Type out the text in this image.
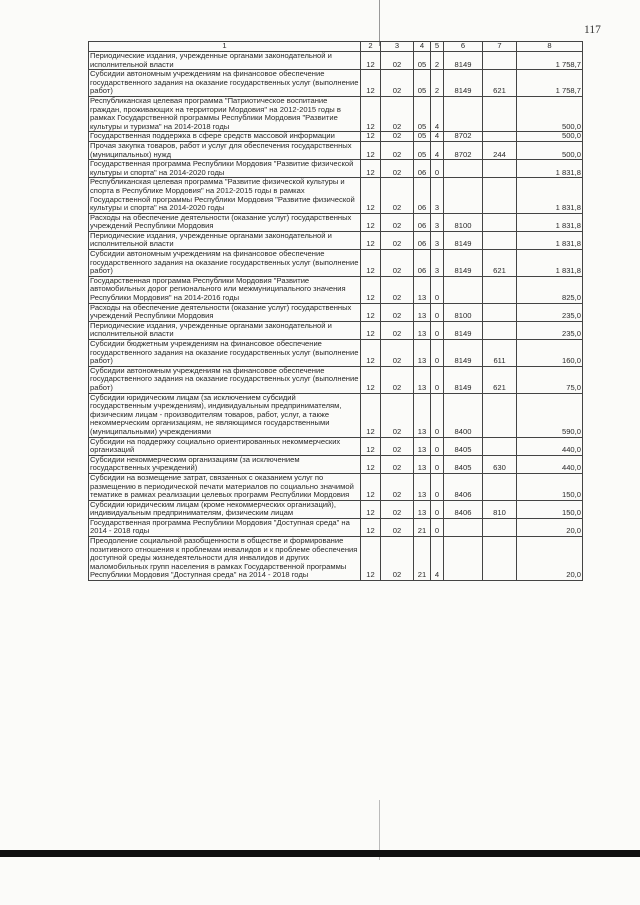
117
1	2	3	4	5	6	7	8
Периодические издания, учрежденные органами законодательной и исполнительной власти	12	02	05	2	8149		1 758,7
Субсидии автономным учреждениям на финансовое обеспечение государственного задания на оказание государственных услуг (выполнение работ)	12	02	05	2	8149	621	1 758,7
Республиканская целевая программа "Патриотическое воспитание граждан, проживающих на территории Мордовия" на 2012-2015 годы в рамках Государственной программы Республики Мордовия "Развитие культуры и туризма" на 2014-2018 годы	12	02	05	4			500,0
Государственная поддержка в сфере средств массовой информации	12	02	05	4	8702		500,0
Прочая закупка товаров, работ и услуг для обеспечения государственных (муниципальных) нужд	12	02	05	4	8702	244	500,0
Государственная программа Республики Мордовия "Развитие физической культуры и спорта" на 2014-2020 годы	12	02	06	0			1 831,8
Республиканская целевая программа "Развитие физической культуры и спорта в Республике Мордовия" на 2012-2015 годы в рамках Государственной программы Республики Мордовия "Развитие физической культуры и спорта" на 2014-2020 годы	12	02	06	3			1 831,8
Расходы на обеспечение деятельности (оказание услуг) государственных учреждений Республики Мордовия	12	02	06	3	8100		1 831,8
Периодические издания, учрежденные органами законодательной и исполнительной власти	12	02	06	3	8149		1 831,8
Субсидии автономным учреждениям на финансовое обеспечение государственного задания на оказание государственных услуг (выполнение работ)	12	02	06	3	8149	621	1 831,8
Государственная программа Республики Мордовия "Развитие автомобильных дорог регионального или межмуниципального значения Республики Мордовия" на 2014-2016 годы	12	02	13	0			825,0
Расходы на обеспечение деятельности (оказание услуг) государственных учреждений Республики Мордовия	12	02	13	0	8100		235,0
Периодические издания, учрежденные органами законодательной и исполнительной власти	12	02	13	0	8149		235,0
Субсидии бюджетным учреждениям на финансовое обеспечение государственного задания на оказание государственных услуг (выполнение работ)	12	02	13	0	8149	611	160,0
Субсидии автономным учреждениям на финансовое обеспечение государственного задания на оказание государственных услуг (выполнение работ)	12	02	13	0	8149	621	75,0
Субсидии юридическим лицам (за исключением субсидий государственным учреждениям), индивидуальным предпринимателям, физическим лицам - производителям товаров, работ, услуг, а также некоммерческим организациям, не являющимся государственными (муниципальными) учреждениями	12	02	13	0	8400		590,0
Субсидии на поддержку социально ориентированных некоммерческих организаций	12	02	13	0	8405		440,0
Субсидии некоммерческим организациям (за исключением государственных учреждений)	12	02	13	0	8405	630	440,0
Субсидии на возмещение затрат, связанных с оказанием услуг по размещению в периодической печати материалов по социально значимой тематике в рамках реализации целевых программ Республики Мордовия	12	02	13	0	8406		150,0
Субсидии юридическим лицам (кроме некоммерческих организаций), индивидуальным предпринимателям, физическим лицам	12	02	13	0	8406	810	150,0
Государственная программа Республики Мордовия "Доступная среда" на 2014 - 2018 годы	12	02	21	0			20,0
Преодоление социальной разобщенности в обществе и формирование позитивного отношения к проблемам инвалидов и к проблеме обеспечения доступной среды жизнедеятельности для инвалидов и других маломобильных групп населения в рамках Государственной программы Республики Мордовия "Доступная среда" на 2014 - 2018 годы	12	02	21	4			20,0
